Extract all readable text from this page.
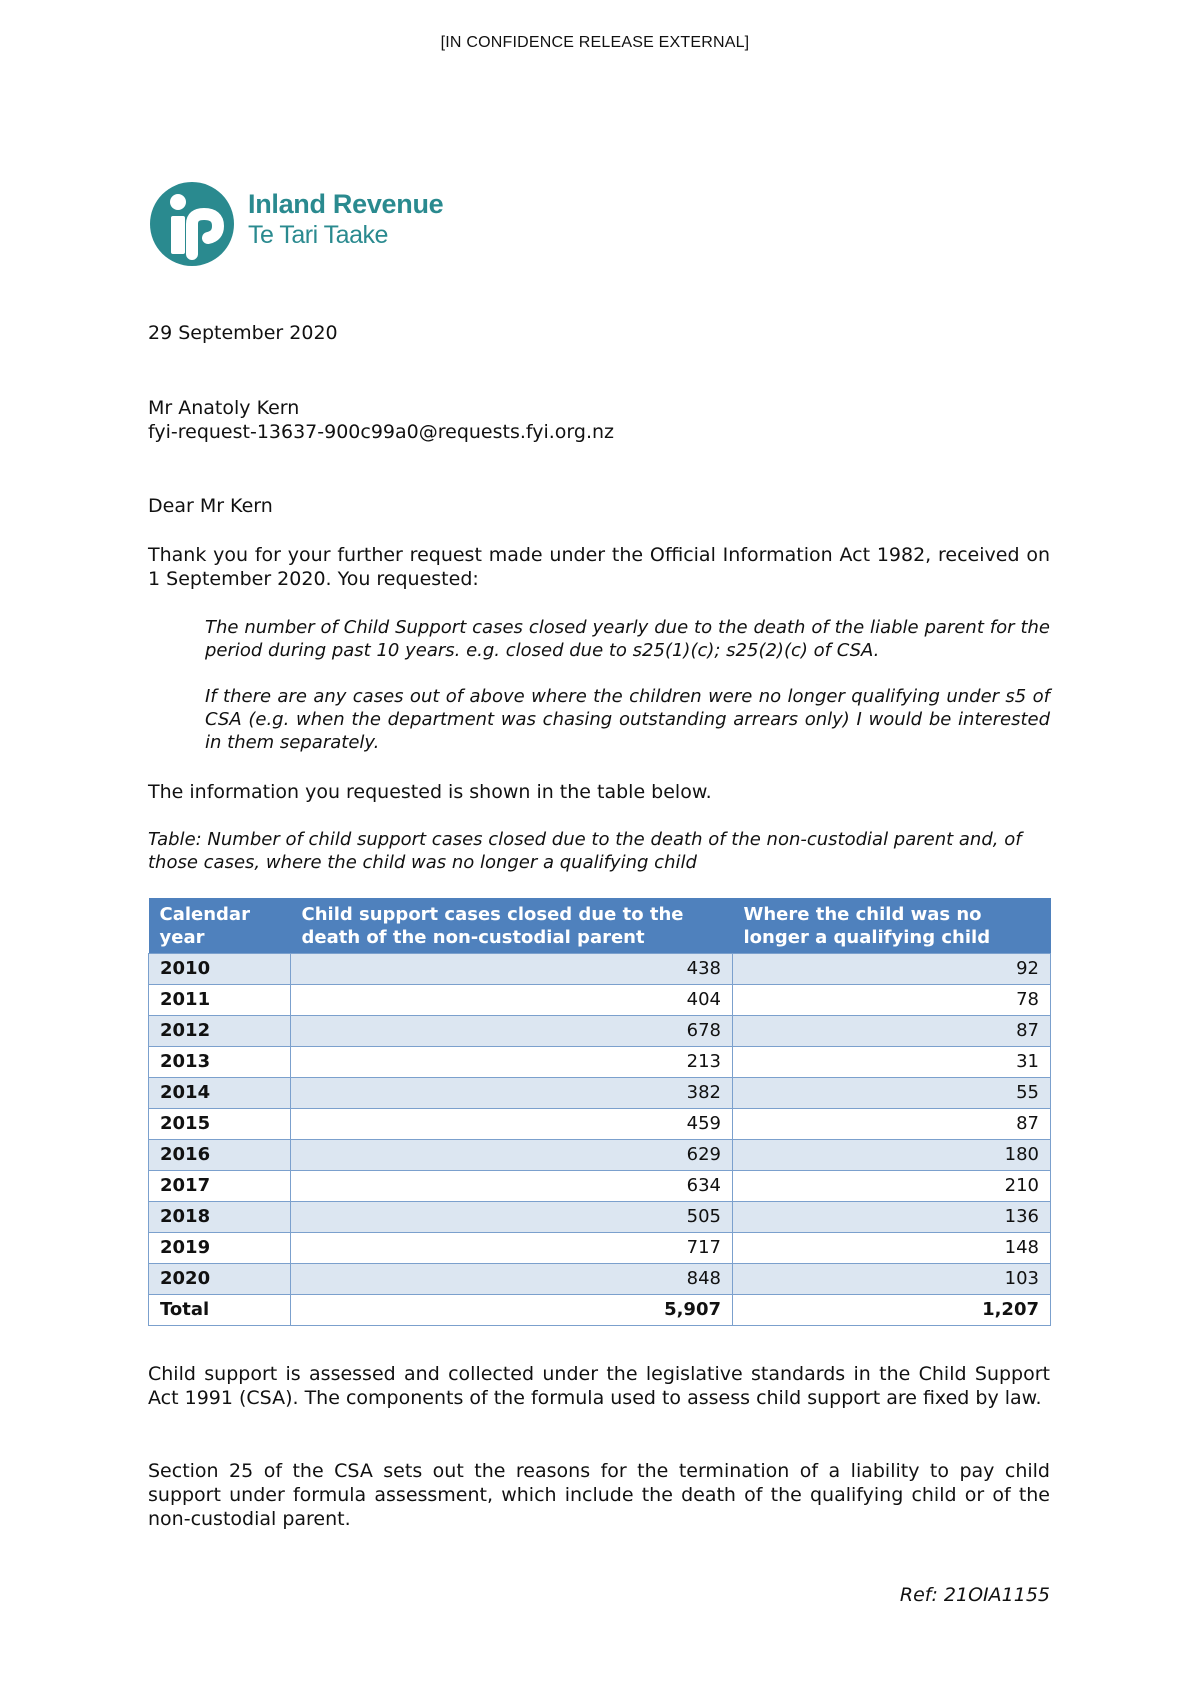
[IN CONFIDENCE RELEASE EXTERNAL]
Inland Revenue
Te Tari Taake
29 September 2020
Mr Anatoly Kern
fyi-request-13637-900c99a0@requests.fyi.org.nz
Dear Mr Kern
Thank you for your further request made under the Official Information Act 1982, received on 1 September 2020. You requested:
The number of Child Support cases closed yearly due to the death of the liable parent for the period during past 10 years. e.g. closed due to s25(1)(c); s25(2)(c) of CSA.
If there are any cases out of above where the children were no longer qualifying under s5 of CSA (e.g. when the department was chasing outstanding arrears only) I would be interested in them separately.
The information you requested is shown in the table below.
Table: Number of child support cases closed due to the death of the non-custodial parent and, of those cases, where the child was no longer a qualifying child
Calendar year	Child support cases closed due to the death of the non-custodial parent	Where the child was no longer a qualifying child
2010	438	92
2011	404	78
2012	678	87
2013	213	31
2014	382	55
2015	459	87
2016	629	180
2017	634	210
2018	505	136
2019	717	148
2020	848	103
Total	5,907	1,207
Child support is assessed and collected under the legislative standards in the Child Support Act 1991 (CSA). The components of the formula used to assess child support are fixed by law.
Section 25 of the CSA sets out the reasons for the termination of a liability to pay child support under formula assessment, which include the death of the qualifying child or of the non-custodial parent.
Ref: 21OIA1155
